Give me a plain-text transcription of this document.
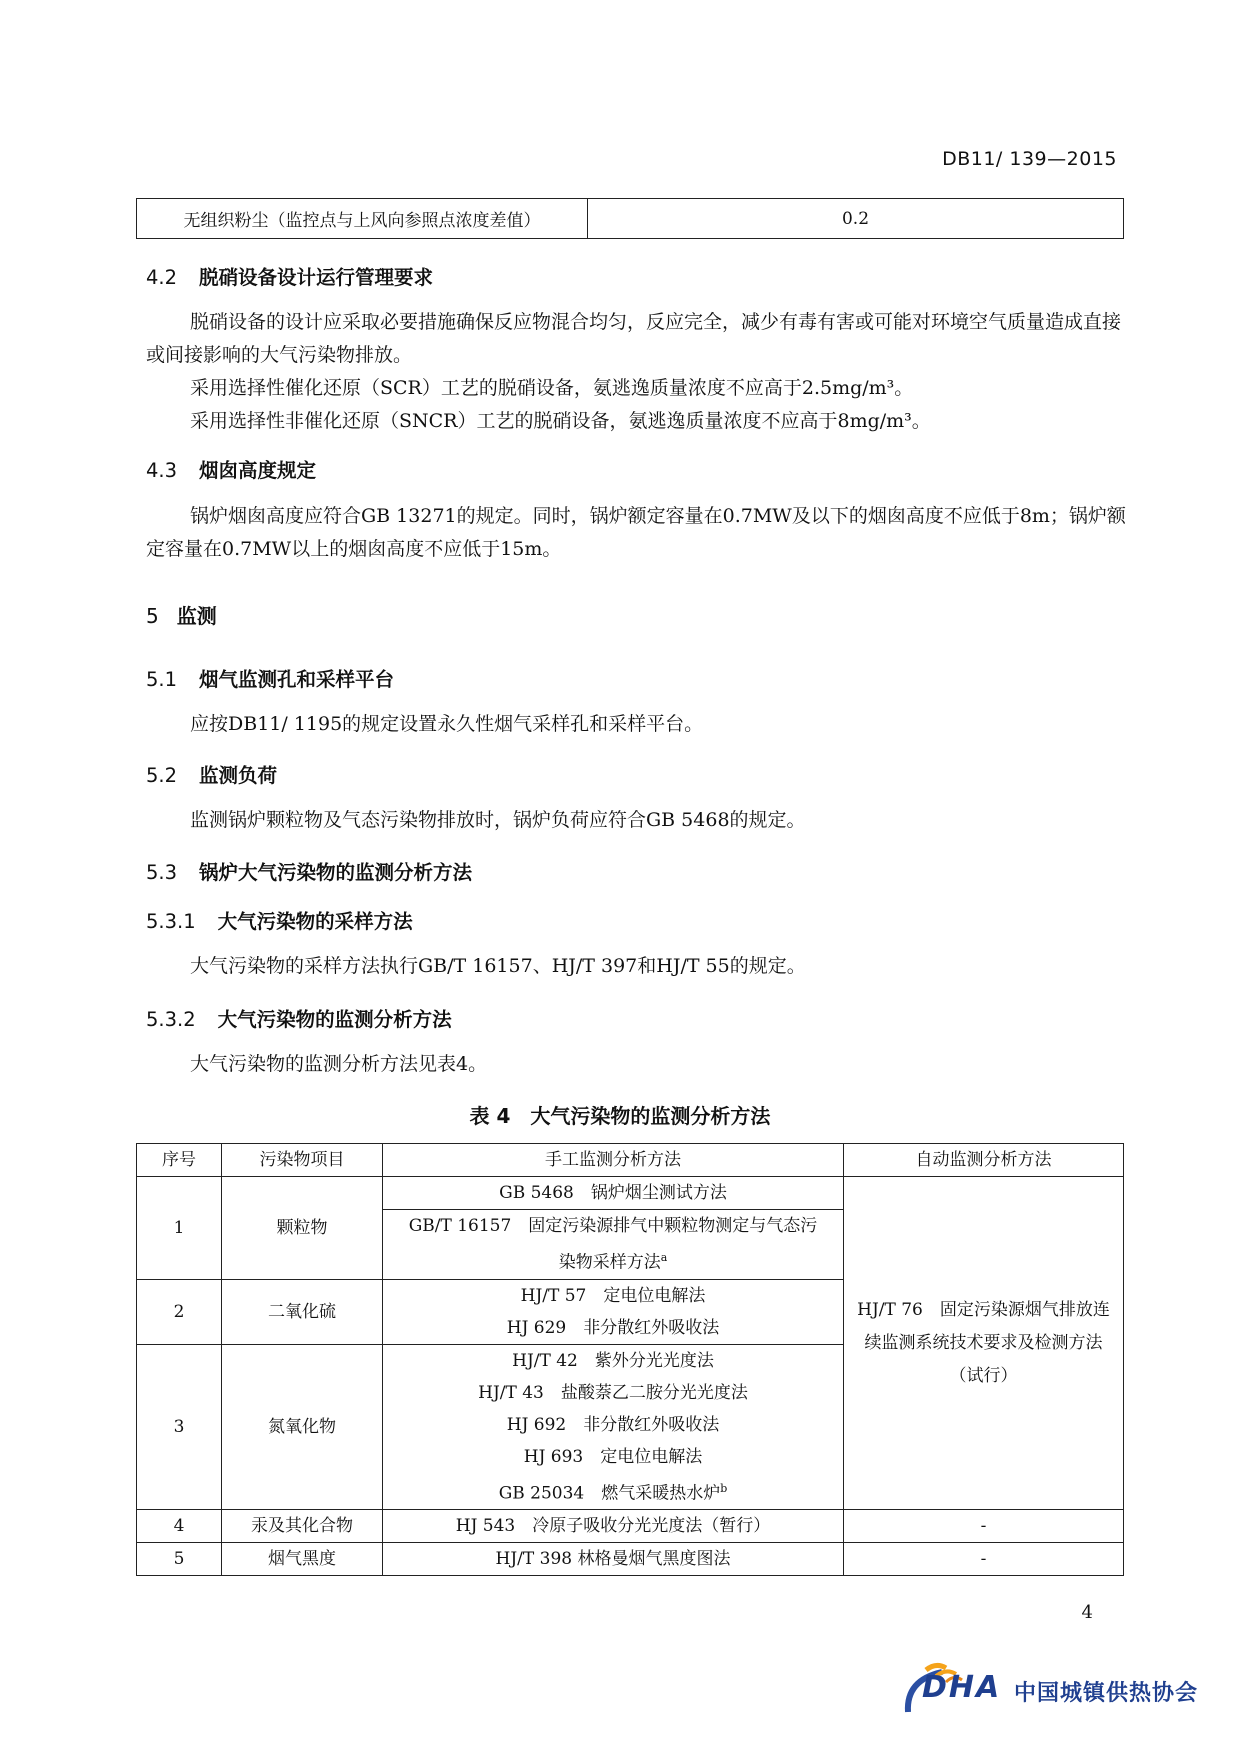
DB11/ 139—2015
无组织粉尘（监控点与上风向参照点浓度差值）	0.2
4.2 脱硝设备设计运行管理要求
脱硝设备的设计应采取必要措施确保反应物混合均匀，反应完全，减少有毒有害或可能对环境空气质量造成直接或间接影响的大气污染物排放。
采用选择性催化还原（SCR）工艺的脱硝设备，氨逃逸质量浓度不应高于2.5mg/m³。
采用选择性非催化还原（SNCR）工艺的脱硝设备，氨逃逸质量浓度不应高于8mg/m³。
4.3 烟囱高度规定
锅炉烟囱高度应符合GB 13271的规定。同时，锅炉额定容量在0.7MW及以下的烟囱高度不应低于8m；锅炉额定容量在0.7MW以上的烟囱高度不应低于15m。
5 监测
5.1 烟气监测孔和采样平台
应按DB11/ 1195的规定设置永久性烟气采样孔和采样平台。
5.2 监测负荷
监测锅炉颗粒物及气态污染物排放时，锅炉负荷应符合GB 5468的规定。
5.3 锅炉大气污染物的监测分析方法
5.3.1 大气污染物的采样方法
大气污染物的采样方法执行GB/T 16157、HJ/T 397和HJ/T 55的规定。
5.3.2 大气污染物的监测分析方法
大气污染物的监测分析方法见表4。
表 4　大气污染物的监测分析方法
序号	污染物项目	手工监测分析方法	自动监测分析方法
1	颗粒物	GB 5468　锅炉烟尘测试方法	HJ/T 76　固定污染源烟气排放连续监测系统技术要求及检测方法（试行）
		GB/T 16157　固定污染源排气中颗粒物测定与气态污染物采样方法$^a$
2	二氧化硫	HJ/T 57　定电位电解法	
		HJ 629　非分散红外吸收法	
3	氮氧化物	HJ/T 42　紫外分光光度法	
		HJ/T 43　盐酸萘乙二胺分光光度法	
		HJ 692　非分散红外吸收法	
		HJ 693　定电位电解法	
		GB 25034　燃气采暖热水炉$^b$
4	汞及其化合物	HJ 543　冷原子吸收分光光度法（暂行）	-
5	烟气黑度	HJ/T 398 林格曼烟气黑度图法	-
4
DHA 中国城镇供热协会
